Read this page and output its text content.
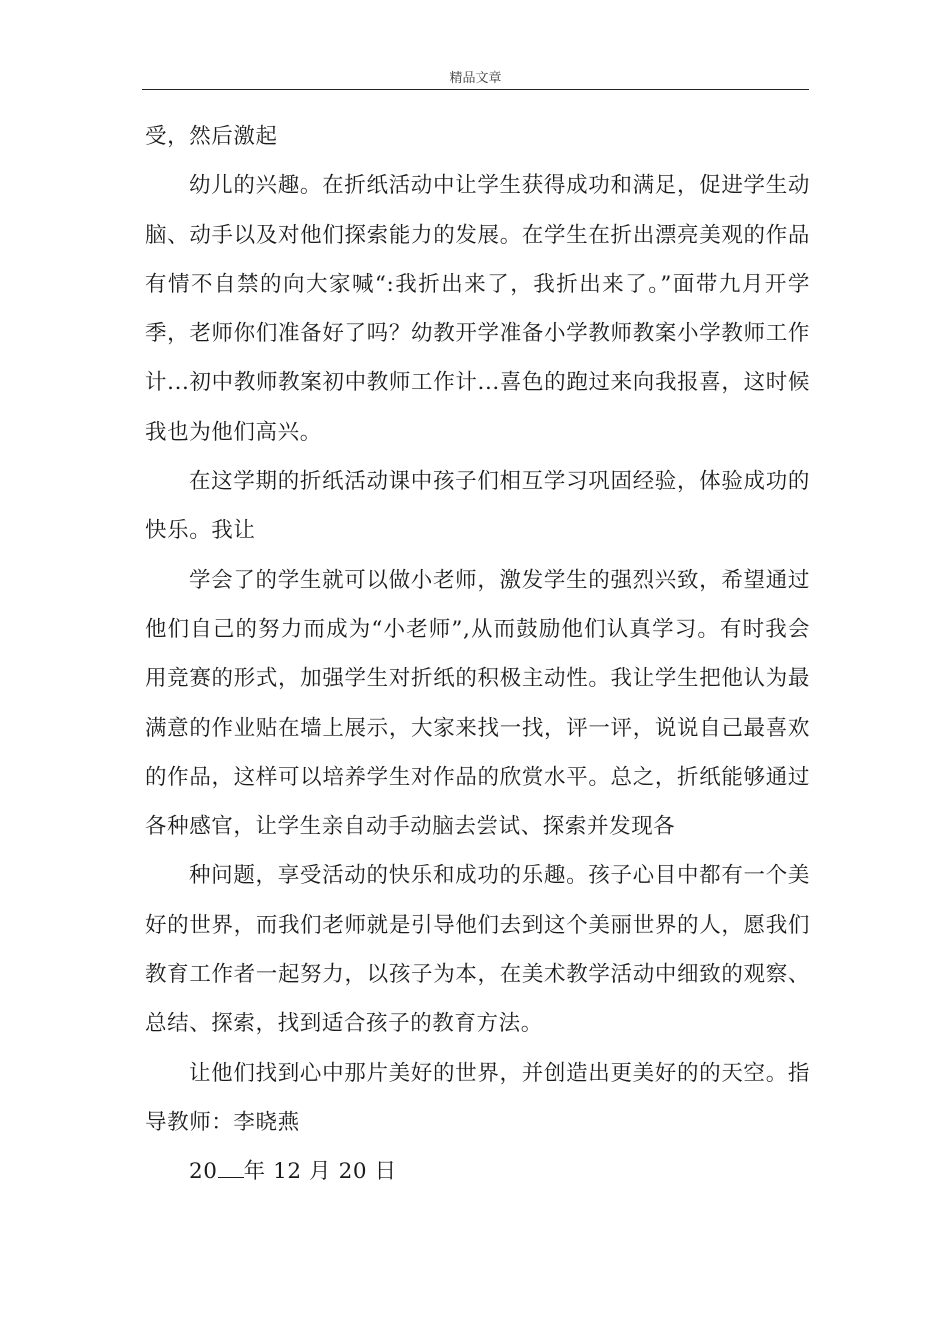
精品文章

受，然后激起

幼儿的兴趣。在折纸活动中让学生获得成功和满足，促进学生动脑、动手以及对他们探索能力的发展。在学生在折出漂亮美观的作品有情不自禁的向大家喊“:我折出来了，我折出来了。”面带九月开学季，老师你们准备好了吗？幼教开学准备小学教师教案小学教师工作计...初中教师教案初中教师工作计...喜色的跑过来向我报喜，这时候我也为他们高兴。

在这学期的折纸活动课中孩子们相互学习巩固经验，体验成功的快乐。我让

学会了的学生就可以做小老师，激发学生的强烈兴致，希望通过他们自己的努力而成为“小老师”,从而鼓励他们认真学习。有时我会用竞赛的形式，加强学生对折纸的积极主动性。我让学生把他认为最满意的作业贴在墙上展示，大家来找一找，评一评，说说自己最喜欢的作品，这样可以培养学生对作品的欣赏水平。总之，折纸能够通过各种感官，让学生亲自动手动脑去尝试、探索并发现各

种问题，享受活动的快乐和成功的乐趣。孩子心目中都有一个美好的世界，而我们老师就是引导他们去到这个美丽世界的人，愿我们教育工作者一起努力，以孩子为本，在美术教学活动中细致的观察、总结、探索，找到适合孩子的教育方法。

让他们找到心中那片美好的世界，并创造出更美好的的天空。指导教师：李晓燕

20 年 12 月 20 日
